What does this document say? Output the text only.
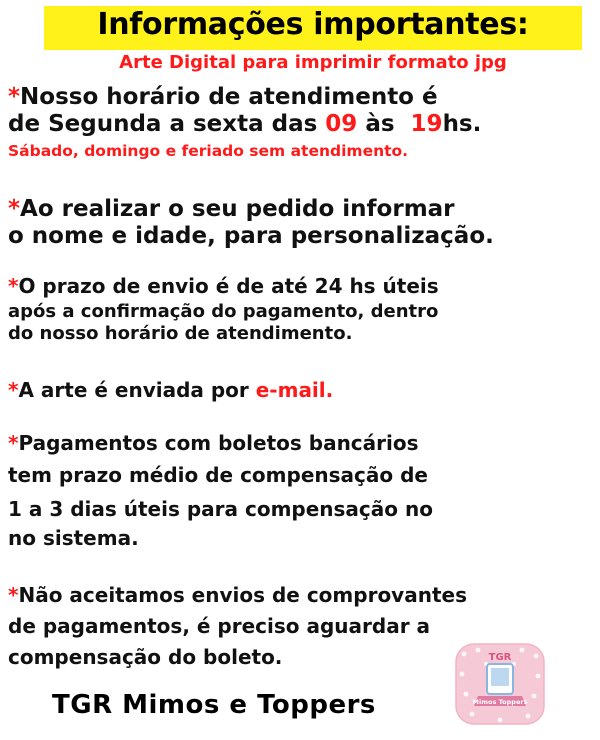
Informações importantes:
Arte Digital para imprimir formato jpg
*Nosso horário de atendimento é
de Segunda a sexta das 09 às  19hs.
Sábado, domingo e feriado sem atendimento.
*Ao realizar o seu pedido informar
o nome e idade, para personalização.
*O prazo de envio é de até 24 hs úteis
após a confirmação do pagamento, dentro
do nosso horário de atendimento.
*A arte é enviada por e-mail.
*Pagamentos com boletos bancários
tem prazo médio de compensação de
1 a 3 dias úteis para compensação no
no sistema.
*Não aceitamos envios de comprovantes
de pagamentos, é preciso aguardar a
compensação do boleto.
TGR Mimos e Toppers
TGR
Mimos Toppers
